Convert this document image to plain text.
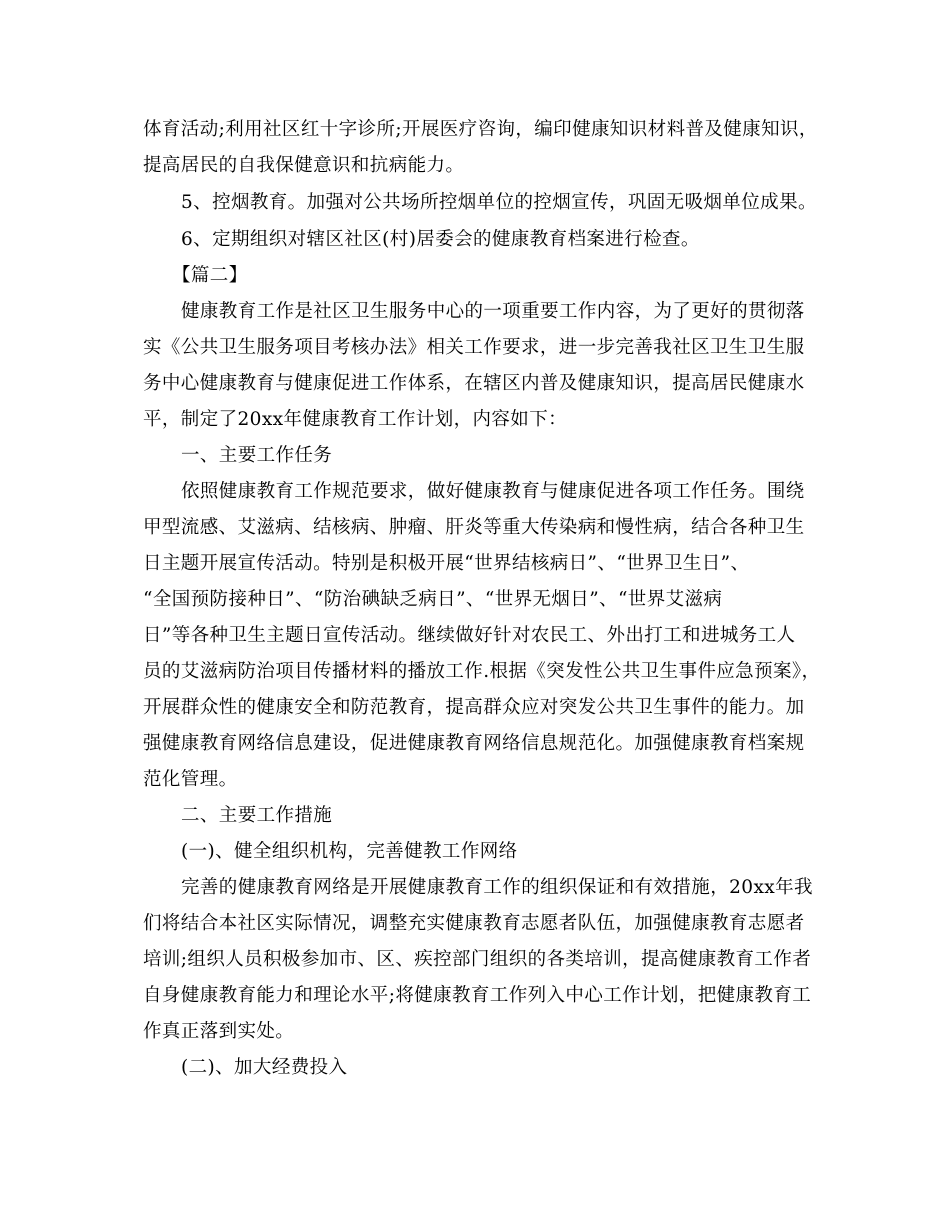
体育活动;利用社区红十字诊所;开展医疗咨询，编印健康知识材料普及健康知识，
提高居民的自我保健意识和抗病能力。
5、控烟教育。加强对公共场所控烟单位的控烟宣传，巩固无吸烟单位成果。
6、定期组织对辖区社区(村)居委会的健康教育档案进行检查。
【篇二】
健康教育工作是社区卫生服务中心的一项重要工作内容，为了更好的贯彻落
实《公共卫生服务项目考核办法》相关工作要求，进一步完善我社区卫生卫生服
务中心健康教育与健康促进工作体系，在辖区内普及健康知识，提高居民健康水
平，制定了20xx年健康教育工作计划，内容如下：
一、主要工作任务
依照健康教育工作规范要求，做好健康教育与健康促进各项工作任务。围绕
甲型流感、艾滋病、结核病、肿瘤、肝炎等重大传染病和慢性病，结合各种卫生
日主题开展宣传活动。特别是积极开展“世界结核病日”、“世界卫生日”、
“全国预防接种日”、“防治碘缺乏病日”、“世界无烟日”、“世界艾滋病
日”等各种卫生主题日宣传活动。继续做好针对农民工、外出打工和进城务工人
员的艾滋病防治项目传播材料的播放工作.根据《突发性公共卫生事件应急预案》，
开展群众性的健康安全和防范教育，提高群众应对突发公共卫生事件的能力。加
强健康教育网络信息建设，促进健康教育网络信息规范化。加强健康教育档案规
范化管理。
二、主要工作措施
(一)、健全组织机构，完善健教工作网络
完善的健康教育网络是开展健康教育工作的组织保证和有效措施，20xx年我
们将结合本社区实际情况，调整充实健康教育志愿者队伍，加强健康教育志愿者
培训;组织人员积极参加市、区、疾控部门组织的各类培训，提高健康教育工作者
自身健康教育能力和理论水平;将健康教育工作列入中心工作计划，把健康教育工
作真正落到实处。
(二)、加大经费投入
